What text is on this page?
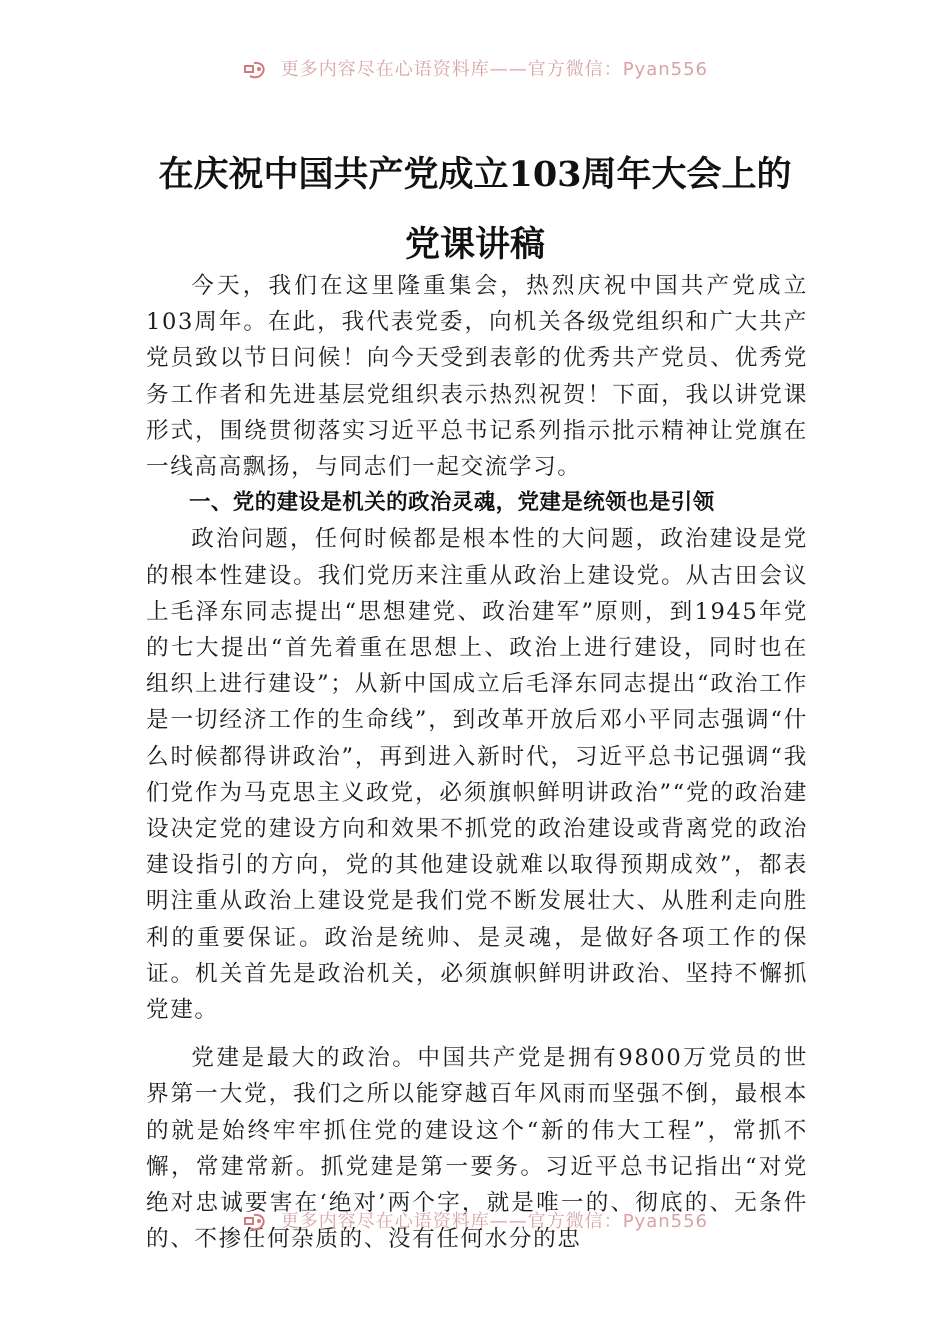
更多内容尽在心语资料库——官方微信：Pyan556
在庆祝中国共产党成立103周年大会上的
党课讲稿

今天，我们在这里隆重集会，热烈庆祝中国共产党成立103周年。在此，我代表党委，向机关各级党组织和广大共产党员致以节日问候！向今天受到表彰的优秀共产党员、优秀党务工作者和先进基层党组织表示热烈祝贺！下面，我以讲党课形式，围绕贯彻落实习近平总书记系列指示批示精神让党旗在一线高高飘扬，与同志们一起交流学习。

一、党的建设是机关的政治灵魂，党建是统领也是引领

政治问题，任何时候都是根本性的大问题，政治建设是党的根本性建设。我们党历来注重从政治上建设党。从古田会议上毛泽东同志提出“思想建党、政治建军”原则，到1945年党的七大提出“首先着重在思想上、政治上进行建设，同时也在组织上进行建设”；从新中国成立后毛泽东同志提出“政治工作是一切经济工作的生命线”，到改革开放后邓小平同志强调“什么时候都得讲政治”，再到进入新时代，习近平总书记强调“我们党作为马克思主义政党，必须旗帜鲜明讲政治”“党的政治建设决定党的建设方向和效果不抓党的政治建设或背离党的政治建设指引的方向，党的其他建设就难以取得预期成效”，都表明注重从政治上建设党是我们党不断发展壮大、从胜利走向胜利的重要保证。政治是统帅、是灵魂，是做好各项工作的保证。机关首先是政治机关，必须旗帜鲜明讲政治、坚持不懈抓党建。

党建是最大的政治。中国共产党是拥有9800万党员的世界第一大党，我们之所以能穿越百年风雨而坚强不倒，最根本的就是始终牢牢抓住党的建设这个“新的伟大工程”，常抓不懈，常建常新。抓党建是第一要务。习近平总书记指出“对党绝对忠诚要害在‘绝对’两个字，就是唯一的、彻底的、无条件的、不掺任何杂质的、没有任何水分的忠

更多内容尽在心语资料库——官方微信：Pyan556
